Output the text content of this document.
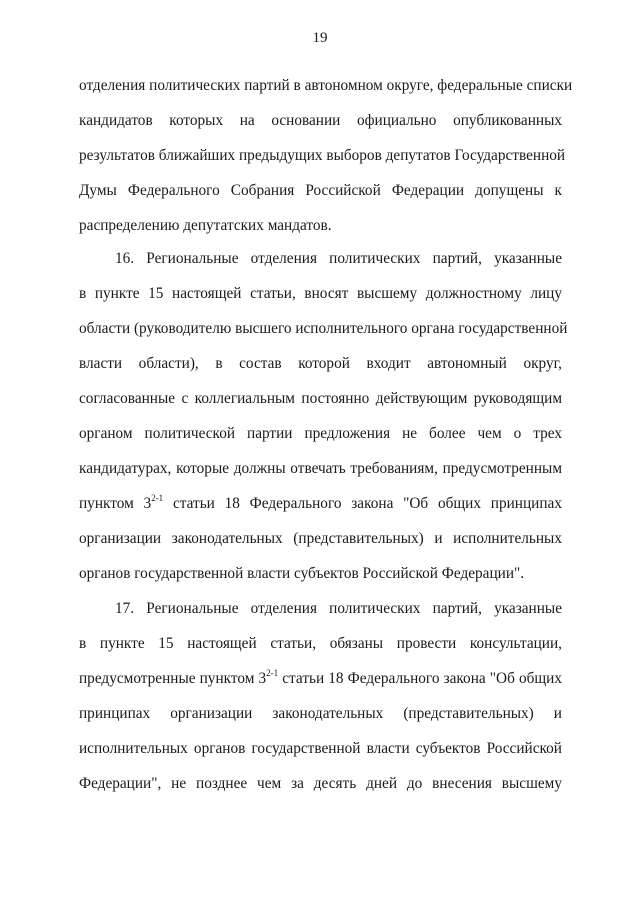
19
отделения политических партий в автономном округе, федеральные списки
кандидатов которых на основании официально опубликованных
результатов ближайших предыдущих выборов депутатов Государственной
Думы Федерального Собрания Российской Федерации допущены к
распределению депутатских мандатов.
16. Региональные отделения политических партий, указанные
в пункте 15 настоящей статьи, вносят высшему должностному лицу
области (руководителю высшего исполнительного органа государственной
власти области), в состав которой входит автономный округ,
согласованные с коллегиальным постоянно действующим руководящим
органом политической партии предложения не более чем о трех
кандидатурах, которые должны отвечать требованиям, предусмотренным
пунктом 3$^{2-1}$ статьи 18 Федерального закона "Об общих принципах
организации законодательных (представительных) и исполнительных
органов государственной власти субъектов Российской Федерации".
17. Региональные отделения политических партий, указанные
в пункте 15 настоящей статьи, обязаны провести консультации,
предусмотренные пунктом 3$^{2-1}$ статьи 18 Федерального закона "Об общих
принципах организации законодательных (представительных) и
исполнительных органов государственной власти субъектов Российской
Федерации", не позднее чем за десять дней до внесения высшему
